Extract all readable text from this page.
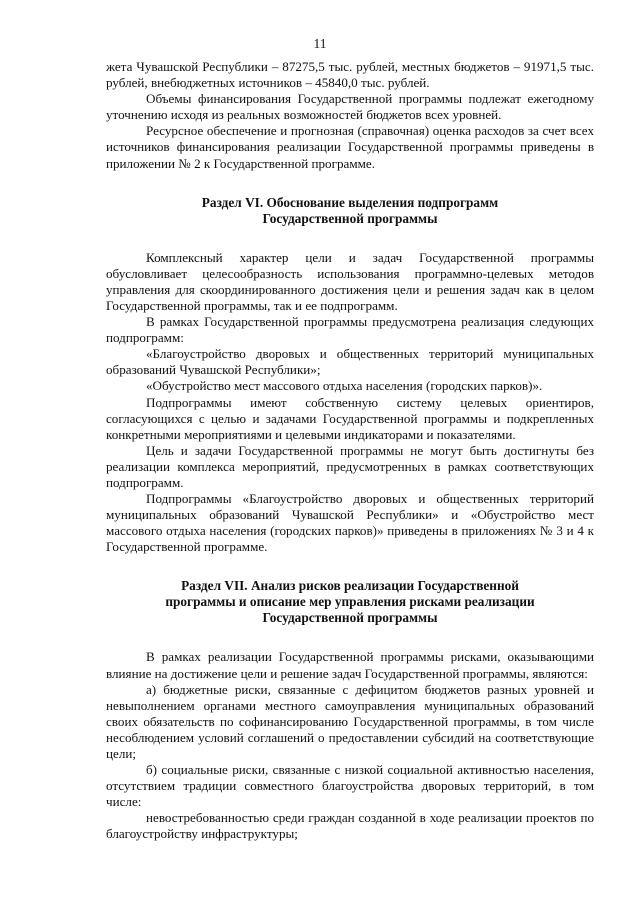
11

жета Чувашской Республики – 87275,5 тыс. рублей, местных бюджетов – 91971,5 тыс. рублей, внебюджетных источников – 45840,0 тыс. рублей.

Объемы финансирования Государственной программы подлежат ежегодному уточнению исходя из реальных возможностей бюджетов всех уровней.

Ресурсное обеспечение и прогнозная (справочная) оценка расходов за счет всех источников финансирования реализации Государственной программы приведены в приложении № 2 к Государственной программе.

Раздел VI. Обоснование выделения подпрограмм
Государственной программы

Комплексный характер цели и задач Государственной программы обусловливает целесообразность использования программно-целевых методов управления для скоординированного достижения цели и решения задач как в целом Государственной программы, так и ее подпрограмм.

В рамках Государственной программы предусмотрена реализация следующих подпрограмм:

«Благоустройство дворовых и общественных территорий муниципальных образований Чувашской Республики»;

«Обустройство мест массового отдыха населения (городских парков)».

Подпрограммы имеют собственную систему целевых ориентиров, согласующихся с целью и задачами Государственной программы и подкрепленных конкретными мероприятиями и целевыми индикаторами и показателями.

Цель и задачи Государственной программы не могут быть достигнуты без реализации комплекса мероприятий, предусмотренных в рамках соответствующих подпрограмм.

Подпрограммы «Благоустройство дворовых и общественных территорий муниципальных образований Чувашской Республики» и «Обустройство мест массового отдыха населения (городских парков)» приведены в приложениях № 3 и 4 к Государственной программе.

Раздел VII. Анализ рисков реализации Государственной
программы и описание мер управления рисками реализации
Государственной программы

В рамках реализации Государственной программы рисками, оказывающими влияние на достижение цели и решение задач Государственной программы, являются:

а) бюджетные риски, связанные с дефицитом бюджетов разных уровней и невыполнением органами местного самоуправления муниципальных образований своих обязательств по софинансированию Государственной программы, в том числе несоблюдением условий соглашений о предоставлении субсидий на соответствующие цели;

б) социальные риски, связанные с низкой социальной активностью населения, отсутствием традиции совместного благоустройства дворовых территорий, в том числе:

невостребованностью среди граждан созданной в ходе реализации проектов по благоустройству инфраструктуры;
